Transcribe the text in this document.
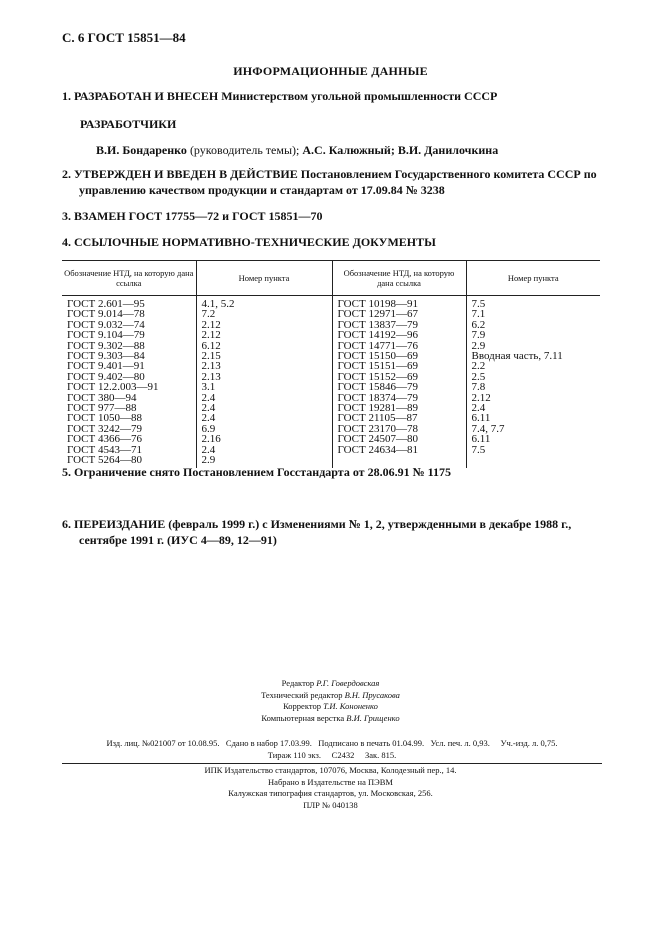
С. 6 ГОСТ 15851—84
ИНФОРМАЦИОННЫЕ ДАННЫЕ
1. РАЗРАБОТАН И ВНЕСЕН Министерством угольной промышленности СССР
РАЗРАБОТЧИКИ
В.И. Бондаренко (руководитель темы); А.С. Калюжный; В.И. Данилочкина
2. УТВЕРЖДЕН И ВВЕДЕН В ДЕЙСТВИЕ Постановлением Государственного комитета СССР по управлению качеством продукции и стандартам от 17.09.84 № 3238
3. ВЗАМЕН ГОСТ 17755—72 и ГОСТ 15851—70
4. ССЫЛОЧНЫЕ НОРМАТИВНО-ТЕХНИЧЕСКИЕ ДОКУМЕНТЫ
Обозначение НТД, на которую дана ссылка	Номер пункта	Обозначение НТД, на которую дана ссылка	Номер пункта
ГОСТ 2.601—95	4.1, 5.2	ГОСТ 10198—91	7.5
ГОСТ 9.014—78	7.2	ГОСТ 12971—67	7.1
ГОСТ 9.032—74	2.12	ГОСТ 13837—79	6.2
ГОСТ 9.104—79	2.12	ГОСТ 14192—96	7.9
ГОСТ 9.302—88	6.12	ГОСТ 14771—76	2.9
ГОСТ 9.303—84	2.15	ГОСТ 15150—69	Вводная часть, 7.11
ГОСТ 9.401—91	2.13	ГОСТ 15151—69	2.2
ГОСТ 9.402—80	2.13	ГОСТ 15152—69	2.5
ГОСТ 12.2.003—91	3.1	ГОСТ 15846—79	7.8
ГОСТ 380—94	2.4	ГОСТ 18374—79	2.12
ГОСТ 977—88	2.4	ГОСТ 19281—89	2.4
ГОСТ 1050—88	2.4	ГОСТ 21105—87	6.11
ГОСТ 3242—79	6.9	ГОСТ 23170—78	7.4, 7.7
ГОСТ 4366—76	2.16	ГОСТ 24507—80	6.11
ГОСТ 4543—71	2.4	ГОСТ 24634—81	7.5
ГОСТ 5264—80	2.9		
5. Ограничение снято Постановлением Госстандарта от 28.06.91 № 1175
6. ПЕРЕИЗДАНИЕ (февраль 1999 г.) с Изменениями № 1, 2, утвержденными в декабре 1988 г., сентябре 1991 г. (ИУС 4—89, 12—91)
Редактор Р.Г. Говердовская
Технический редактор В.Н. Прусакова
Корректор Т.И. Кононенко
Компьютерная верстка В.И. Грищенко
Изд. лиц. №021007 от 10.08.95.   Сдано в набор 17.03.99.   Подписано в печать 01.04.99.   Усл. печ. л. 0,93.     Уч.-изд. л. 0,75.
Тираж 110 экз.     С2432     Зак. 815.
ИПК Издательство стандартов, 107076, Москва, Колодезный пер., 14.
Набрано в Издательстве на ПЭВМ
Калужская типография стандартов, ул. Московская, 256.
ПЛР № 040138
